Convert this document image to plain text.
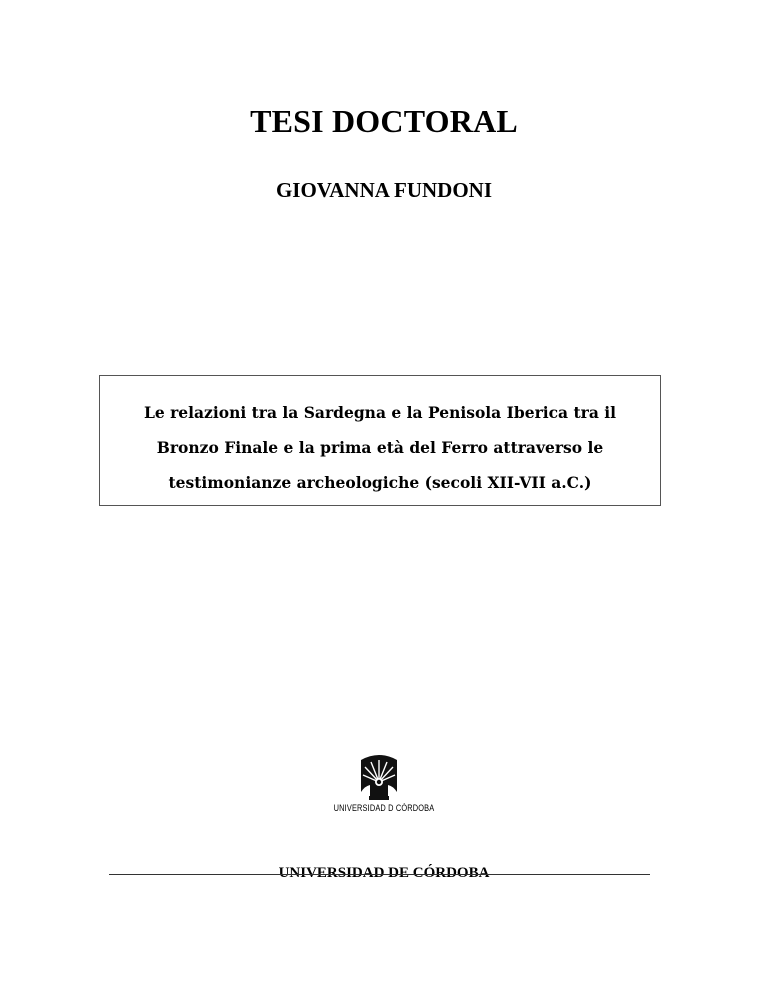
TESI DOCTORAL
GIOVANNA FUNDONI
Le relazioni tra la Sardegna e la Penisola Iberica tra il
Bronzo Finale e la prima età del Ferro attraverso le
testimonianze archeologiche (secoli XII-VII a.C.)
UNIVERSIDAD D CÓRDOBA
UNIVERSIDAD DE CÓRDOBA
